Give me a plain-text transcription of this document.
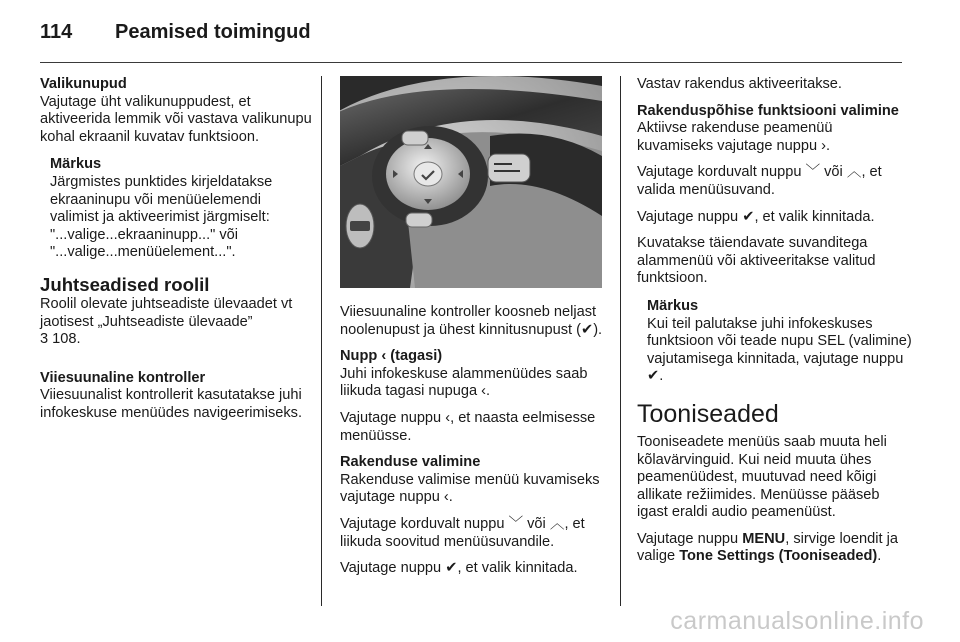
114 Peamised toimingud
Valikunupud

Vajutage üht valikunuppudest, et aktiveerida lemmik või vastava valikunupu kohal ekraanil kuvatav funktsioon.

Märkus
Järgmistes punktides kirjeldatakse ekraaninupu või menüüelemendi valimist ja aktiveerimist järgmiselt: "...valige...ekraaninupp..." või "...valige...menüüelement...".
Juhtseadised roolil

Roolil olevate juhtseadiste ülevaadet vt jaotisest „Juhtseadiste ülevaade”
3 108.

Viiesuunaline kontroller

Viiesuunalist kontrollerit kasutatakse juhi infokeskuse menüüdes navigeerimiseks.

Viiesuunaline kontroller koosneb neljast noolenupust ja ühest kinnitusnupust (✔).

Nupp ‹ (tagasi)

Juhi infokeskuse alammenüüdes saab liikuda tagasi nupuga ‹.

Vajutage nuppu ‹, et naasta eelmisesse menüüsse.

Rakenduse valimine

Rakenduse valimise menüü kuvamiseks vajutage nuppu ‹.

Vajutage korduvalt nuppu ﹀ või ︿, et liikuda soovitud menüüsuvandile.

Vajutage nuppu ✔, et valik kinnitada.

Vastav rakendus aktiveeritakse.

Rakenduspõhise funktsiooni valimine

Aktiivse rakenduse peamenüü kuvamiseks vajutage nuppu ›.

Vajutage korduvalt nuppu ﹀ või ︿, et valida menüüsuvand.

Vajutage nuppu ✔, et valik kinnitada.

Kuvatakse täiendavate suvanditega alammenüü või aktiveeritakse valitud funktsioon.

Märkus
Kui teil palutakse juhi infokeskuses funktsioon või teade nupu SEL (valimine) vajutamisega kinnitada, vajutage nuppu ✔.
Tooniseaded

Tooniseadete menüüs saab muuta heli kõlavärvinguid. Kui neid muuta ühes peamenüüdest, muutuvad need kõigi allikate režiimides. Menüüsse pääseb igast eraldi audio peamenüüst.

Vajutage nuppu MENU, sirvige loendit ja valige Tone Settings (Tooniseaded).

carmanualsonline.info
